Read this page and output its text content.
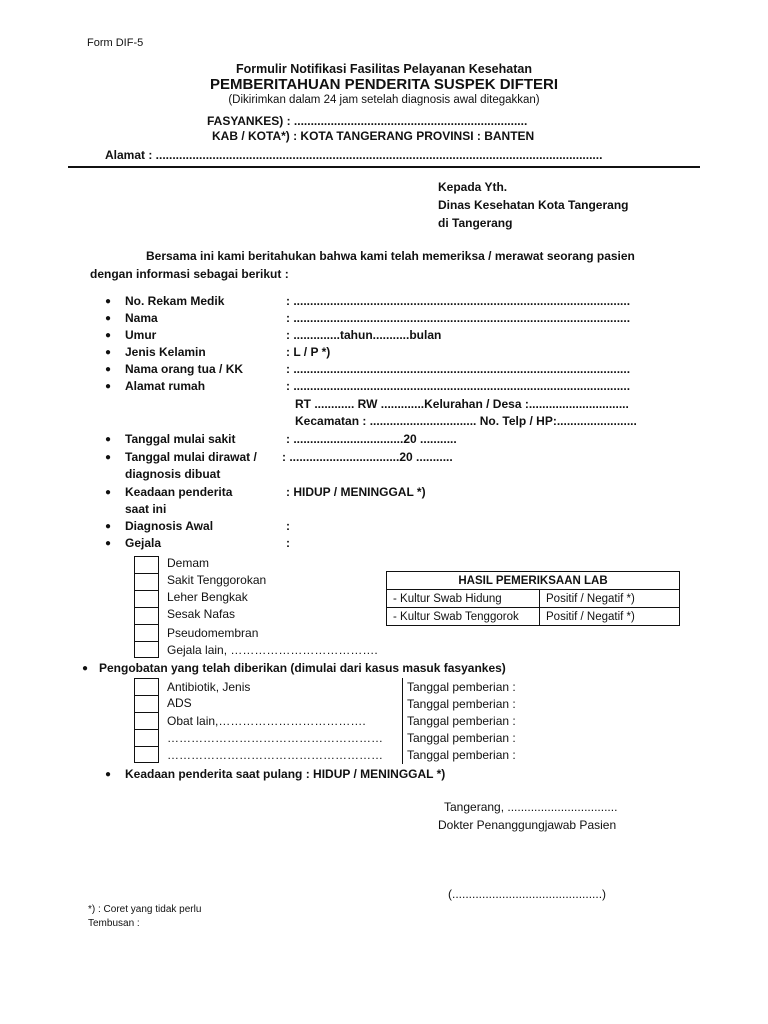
Form DIF-5
Formulir Notifikasi Fasilitas Pelayanan Kesehatan
PEMBERITAHUAN PENDERITA SUSPEK DIFTERI
(Dikirimkan dalam 24 jam setelah diagnosis awal ditegakkan)
FASYANKES) : ......................................................................
KAB / KOTA*) : KOTA TANGERANG PROVINSI : BANTEN
Alamat : ......................................................................................................................................
Kepada Yth.
Dinas Kesehatan Kota Tangerang
di Tangerang
Bersama ini kami beritahukan bahwa kami telah memeriksa / merawat seorang pasien
dengan informasi sebagai berikut :
● No. Rekam Medik	: .....................................................................................................
● Nama	: .....................................................................................................
● Umur	: ..............tahun...........bulan
● Jenis Kelamin	: L / P *)
● Nama orang tua / KK	: .....................................................................................................
● Alamat rumah	: .....................................................................................................
RT ............ RW .............Kelurahan / Desa :..............................
Kecamatan : ................................ No. Telp / HP:........................
● Tanggal mulai sakit	: .................................20 ...........
● Tanggal mulai dirawat /
diagnosis dibuat
: .................................20 ...........
● Keadaan penderita
saat ini
: HIDUP / MENINGGAL *)
● Diagnosis Awal	:
● Gejala	:
Demam
Sakit Tenggorokan
Leher Bengkak
Sesak Nafas
Pseudomembran
Gejala lain, ……………………………….
HASIL PEMERIKSAAN LAB	
- Kultur Swab Hidung	Positif / Negatif *)
- Kultur Swab Tenggorok	Positif / Negatif *)
● Pengobatan yang telah diberikan (dimulai dari kasus masuk fasyankes)
Antibiotik, Jenis	Tanggal pemberian :
ADS	Tanggal pemberian :
Obat lain,……………………………….	Tanggal pemberian :
……………………………………………… Tanggal pemberian :
……………………………………………… Tanggal pemberian :
● Keadaan penderita saat pulang : HIDUP / MENINGGAL *)
Tangerang, .................................
Dokter Penanggungjawab Pasien
(.............................................)
*) : Coret yang tidak perlu
Tembusan :
